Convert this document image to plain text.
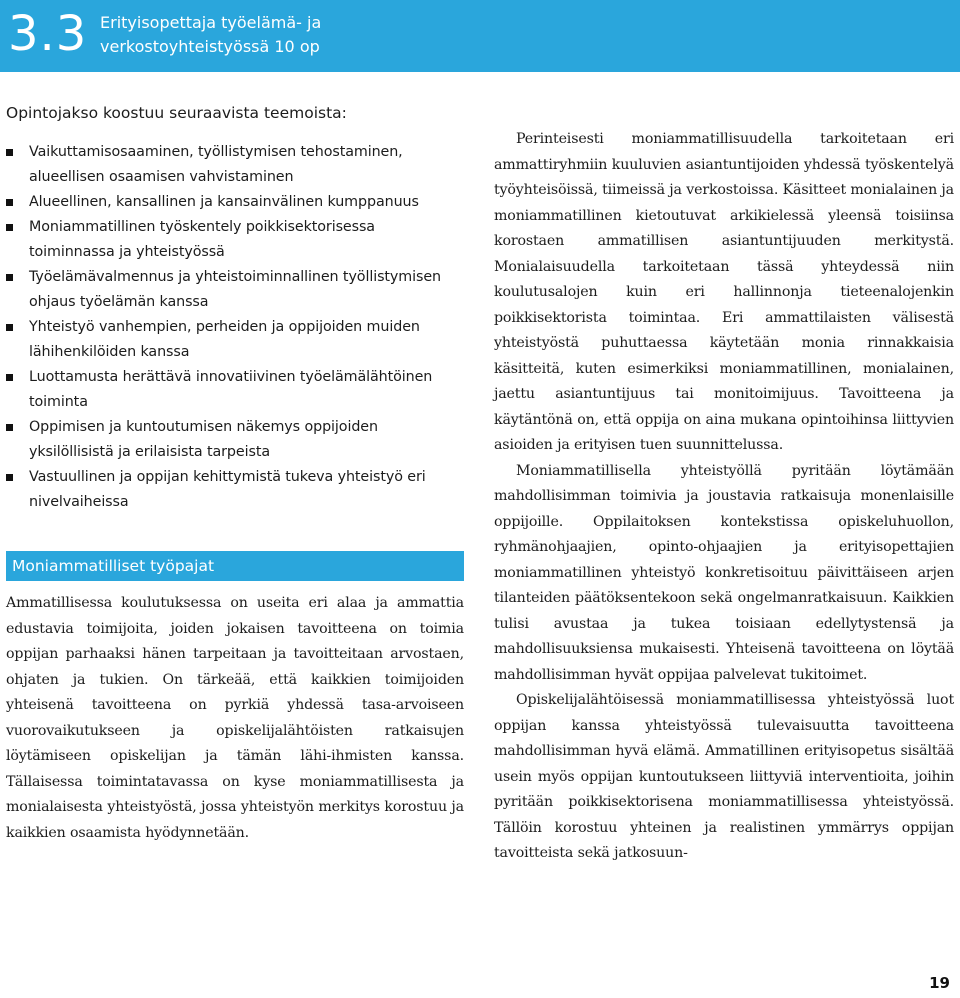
3.3 Erityisopettaja työelämä- ja
verkostoyhteistyössä 10 op

Opintojakso koostuu seuraavista teemoista:

Vaikuttamisosaaminen, työllistymisen tehostaminen, alueellisen osaamisen vahvistaminen
Alueellinen, kansallinen ja kansainvälinen kumppanuus
Moniammatillinen työskentely poikkisektorisessa toiminnassa ja yhteistyössä
Työelämävalmennus ja yhteistoiminnallinen työllistymisen ohjaus työelämän kanssa
Yhteistyö vanhempien, perheiden ja oppijoiden muiden lähihenkilöiden kanssa
Luottamusta herättävä innovatiivinen työelämälähtöinen toiminta
Oppimisen ja kuntoutumisen näkemys oppijoiden yksilöllisistä ja erilaisista tarpeista
Vastuullinen ja oppijan kehittymistä tukeva yhteistyö eri nivelvaiheissa
Moniammatilliset työpajat

Ammatillisessa koulutuksessa on useita eri alaa ja ammattia edustavia toimijoita, joiden jokaisen tavoitteena on toimia oppijan parhaaksi hänen tarpeitaan ja tavoitteitaan arvostaen, ohjaten ja tukien. On tärkeää, että kaikkien toimijoiden yhteisenä tavoitteena on pyrkiä yhdessä tasa-arvoiseen vuorovaikutukseen ja opiskelijalähtöisten ratkaisujen löytämiseen opiskelijan ja tämän lähi-ihmisten kanssa. Tällaisessa toimintatavassa on kyse moniammatillisesta ja monialaisesta yhteistyöstä, jossa yhteistyön merkitys korostuu ja kaikkien osaamista hyödynnetään.

Perinteisesti moniammatillisuudella tarkoitetaan eri ammattiryhmiin kuuluvien asiantuntijoiden yhdessä työskentelyä työyhteisöissä, tiimeissä ja verkostoissa. Käsitteet monialainen ja moniammatillinen kietoutuvat arkikielessä yleensä toisiinsa korostaen ammatillisen asiantuntijuuden merkitystä. Monialaisuudella tarkoitetaan tässä yhteydessä niin koulutusalojen kuin eri hallinnonja tieteenalojenkin poikkisektorista toimintaa. Eri ammattilaisten välisestä yhteistyöstä puhuttaessa käytetään monia rinnakkaisia käsitteitä, kuten esimerkiksi moniammatillinen, monialainen, jaettu asiantuntijuus tai monitoimijuus. Tavoitteena ja käytäntönä on, että oppija on aina mukana opintoihinsa liittyvien asioiden ja erityisen tuen suunnittelussa.

Moniammatillisella yhteistyöllä pyritään löytämään mahdollisimman toimivia ja joustavia ratkaisuja monenlaisille oppijoille. Oppilaitoksen kontekstissa opiskeluhuollon, ryhmänohjaajien, opinto-ohjaajien ja erityisopettajien moniammatillinen yhteistyö konkretisoituu päivittäiseen arjen tilanteiden päätöksentekoon sekä ongelmanratkaisuun. Kaikkien tulisi avustaa ja tukea toisiaan edellytystensä ja mahdollisuuksiensa mukaisesti. Yhteisenä tavoitteena on löytää mahdollisimman hyvät oppijaa palvelevat tukitoimet.

Opiskelijalähtöisessä moniammatillisessa yhteistyössä luot oppijan kanssa yhteistyössä tulevaisuutta tavoitteena mahdollisimman hyvä elämä. Ammatillinen erityisopetus sisältää usein myös oppijan kuntoutukseen liittyviä interventioita, joihin pyritään poikkisektorisena moniammatillisessa yhteistyössä. Tällöin korostuu yhteinen ja realistinen ymmärrys oppijan tavoitteista sekä jatkosuun-

19
